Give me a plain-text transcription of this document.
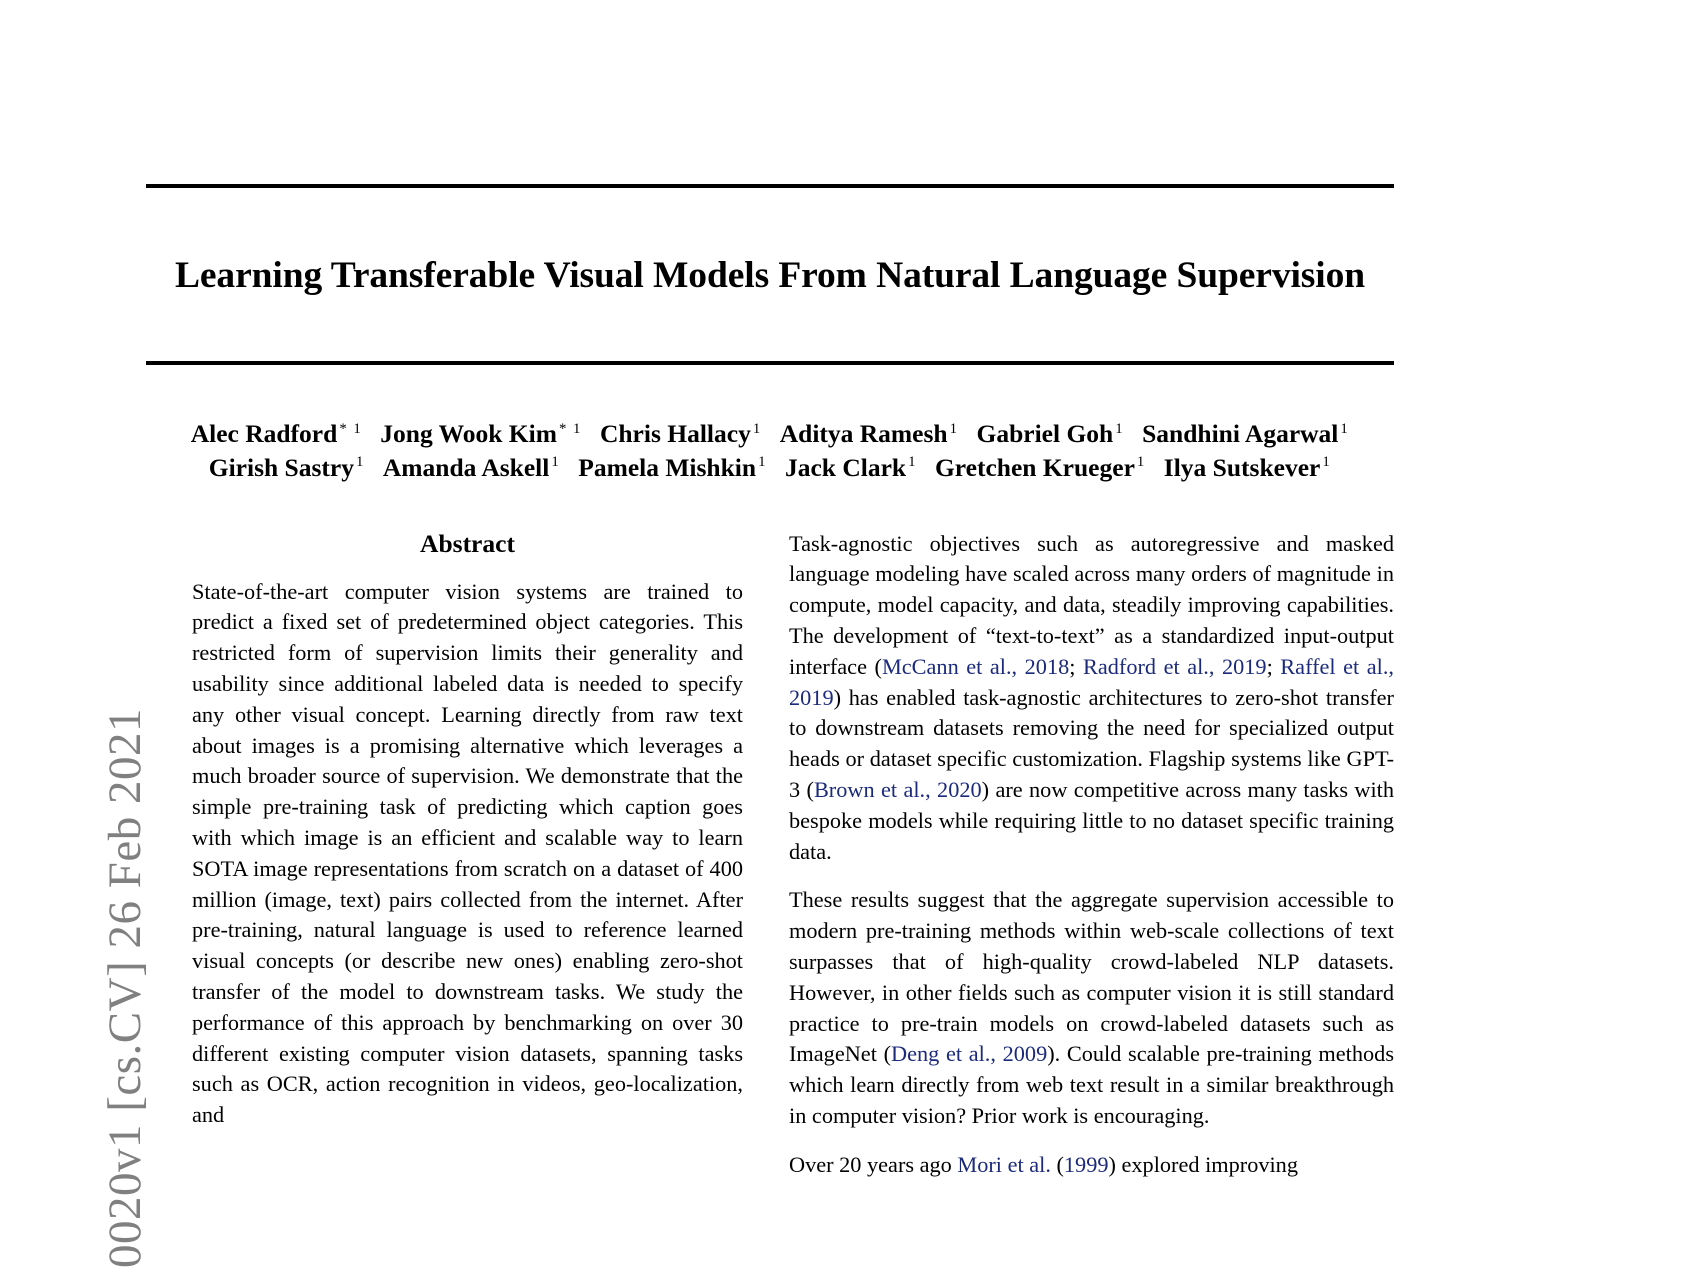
0020v1 [cs.CV] 26 Feb 2021
Learning Transferable Visual Models From Natural Language Supervision
Alec Radford $^{* 1}$ Jong Wook Kim $^{* 1}$ Chris Hallacy $^1$ Aditya Ramesh $^1$ Gabriel Goh $^1$ Sandhini Agarwal $^1$
Girish Sastry $^1$ Amanda Askell $^1$ Pamela Mishkin $^1$ Jack Clark $^1$ Gretchen Krueger $^1$ Ilya Sutskever $^1$
Abstract
State-of-the-art computer vision systems are trained to predict a fixed set of predetermined object categories. This restricted form of supervision limits their generality and usability since additional labeled data is needed to specify any other visual concept. Learning directly from raw text about images is a promising alternative which leverages a much broader source of supervision. We demonstrate that the simple pre-training task of predicting which caption goes with which image is an efficient and scalable way to learn SOTA image representations from scratch on a dataset of 400 million (image, text) pairs collected from the internet. After pre-training, natural language is used to reference learned visual concepts (or describe new ones) enabling zero-shot transfer of the model to downstream tasks. We study the performance of this approach by benchmarking on over 30 different existing computer vision datasets, spanning tasks such as OCR, action recognition in videos, geo-localization, and

Task-agnostic objectives such as autoregressive and masked language modeling have scaled across many orders of magnitude in compute, model capacity, and data, steadily improving capabilities. The development of “text-to-text” as a standardized input-output interface (McCann et al., 2018; Radford et al., 2019; Raffel et al., 2019) has enabled task-agnostic architectures to zero-shot transfer to downstream datasets removing the need for specialized output heads or dataset specific customization. Flagship systems like GPT-3 (Brown et al., 2020) are now competitive across many tasks with bespoke models while requiring little to no dataset specific training data.

These results suggest that the aggregate supervision accessible to modern pre-training methods within web-scale collections of text surpasses that of high-quality crowd-labeled NLP datasets. However, in other fields such as computer vision it is still standard practice to pre-train models on crowd-labeled datasets such as ImageNet (Deng et al., 2009). Could scalable pre-training methods which learn directly from web text result in a similar breakthrough in computer vision? Prior work is encouraging.

Over 20 years ago Mori et al. (1999) explored improving
